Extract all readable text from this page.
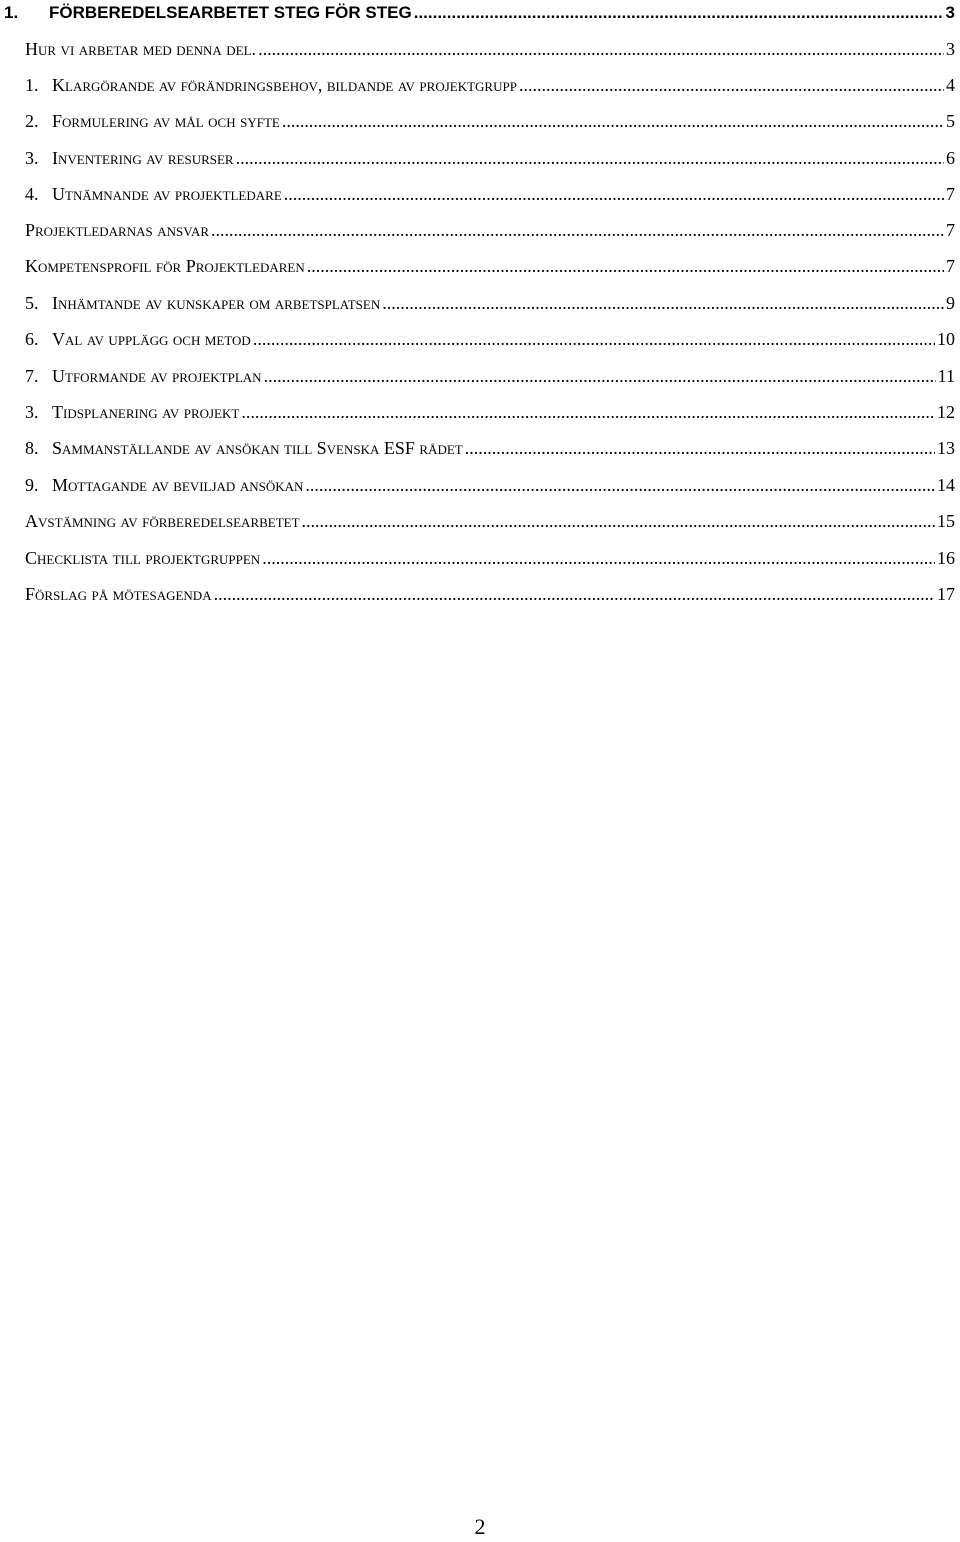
1.	FÖRBEREDELSEARBETET STEG FÖR STEG .....	3
Hur vi arbetar med denna del. .....	3
1. Klargörande av förändringsbehov, bildande av projektgrupp .....	4
2. Formulering av mål och syfte .....	5
3. Inventering av resurser .....	6
4. Utnämnande av projektledare .....	7
Projektledarnas ansvar .....	7
Kompetensprofil för Projektledaren .....	7
5. Inhämtande av kunskaper om arbetsplatsen .....	9
6. Val av upplägg och metod .....	10
7. Utformande av projektplan .....	11
3. Tidsplanering av projekt .....	12
8. Sammanställande av ansökan till Svenska ESF rådet .....	13
9. Mottagande av beviljad ansökan .....	14
Avstämning av förberedelsearbetet .....	15
Checklista till projektgruppen .....	16
Förslag på mötesagenda .....	17
2
